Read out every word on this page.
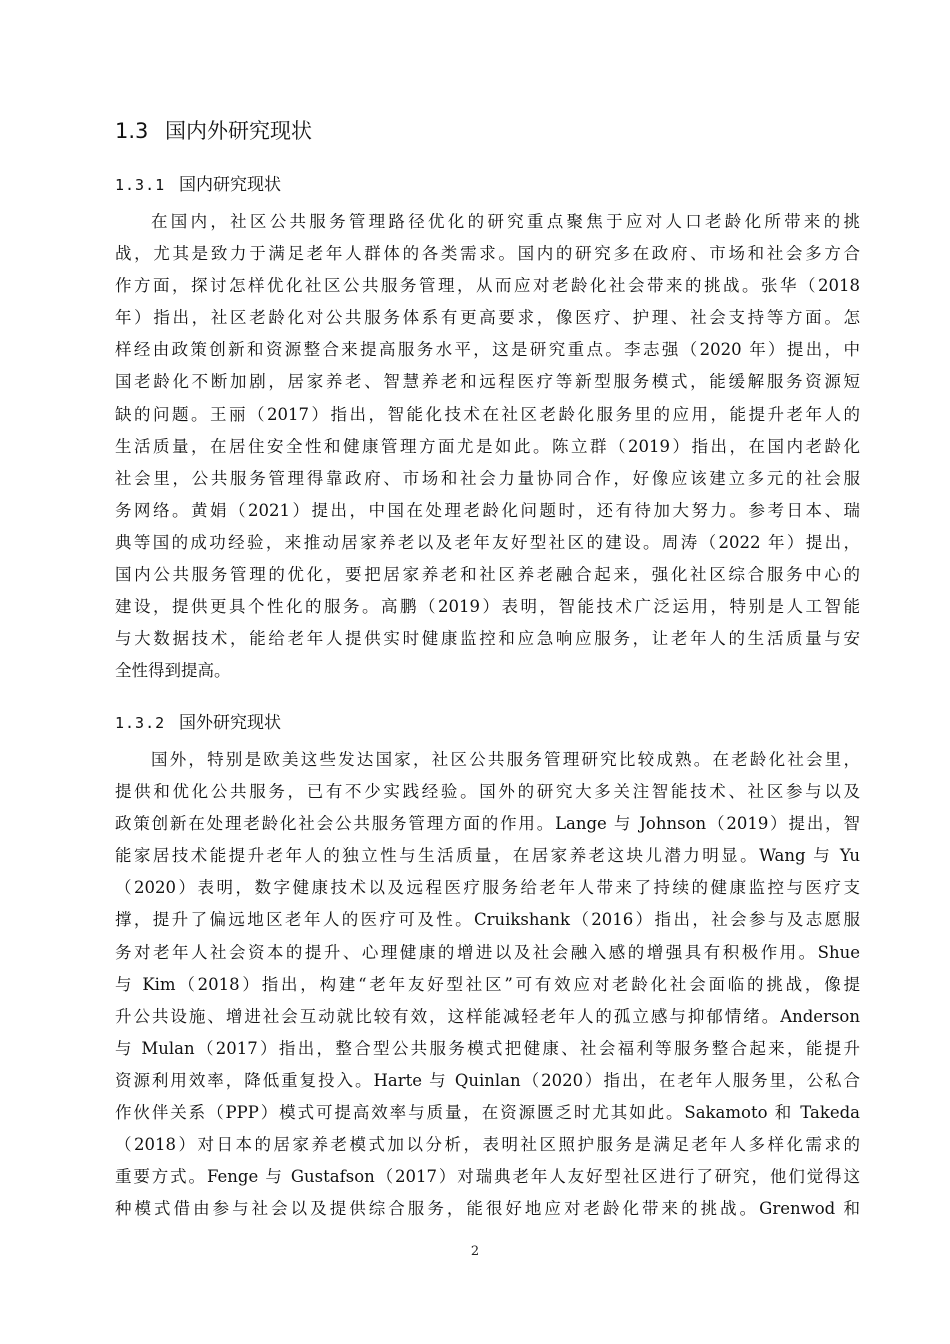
1.3 国内外研究现状
1.3.1 国内研究现状
在国内，社区公共服务管理路径优化的研究重点聚焦于应对人口老龄化所带来的挑
战，尤其是致力于满足老年人群体的各类需求。国内的研究多在政府、市场和社会多方合
作方面，探讨怎样优化社区公共服务管理，从而应对老龄化社会带来的挑战。张华（2018
年）指出，社区老龄化对公共服务体系有更高要求，像医疗、护理、社会支持等方面。怎
样经由政策创新和资源整合来提高服务水平，这是研究重点。李志强（2020 年）提出，中
国老龄化不断加剧，居家养老、智慧养老和远程医疗等新型服务模式，能缓解服务资源短
缺的问题。王丽（2017）指出，智能化技术在社区老龄化服务里的应用，能提升老年人的
生活质量，在居住安全性和健康管理方面尤是如此。陈立群（2019）指出，在国内老龄化
社会里，公共服务管理得靠政府、市场和社会力量协同合作，好像应该建立多元的社会服
务网络。黄娟（2021）提出，中国在处理老龄化问题时，还有待加大努力。参考日本、瑞
典等国的成功经验，来推动居家养老以及老年友好型社区的建设。周涛（2022 年）提出，
国内公共服务管理的优化，要把居家养老和社区养老融合起来，强化社区综合服务中心的
建设，提供更具个性化的服务。高鹏（2019）表明，智能技术广泛运用，特别是人工智能
与大数据技术，能给老年人提供实时健康监控和应急响应服务，让老年人的生活质量与安
全性得到提高。
1.3.2 国外研究现状
国外，特别是欧美这些发达国家，社区公共服务管理研究比较成熟。在老龄化社会里，
提供和优化公共服务，已有不少实践经验。国外的研究大多关注智能技术、社区参与以及
政策创新在处理老龄化社会公共服务管理方面的作用。Lange 与 Johnson（2019）提出，智
能家居技术能提升老年人的独立性与生活质量，在居家养老这块儿潜力明显。Wang 与 Yu
（2020）表明，数字健康技术以及远程医疗服务给老年人带来了持续的健康监控与医疗支
撑，提升了偏远地区老年人的医疗可及性。Cruikshank（2016）指出，社会参与及志愿服
务对老年人社会资本的提升、心理健康的增进以及社会融入感的增强具有积极作用。Shue
与 Kim（2018）指出，构建“老年友好型社区”可有效应对老龄化社会面临的挑战，像提
升公共设施、增进社会互动就比较有效，这样能减轻老年人的孤立感与抑郁情绪。Anderson
与 Mulan（2017）指出，整合型公共服务模式把健康、社会福利等服务整合起来，能提升
资源利用效率，降低重复投入。Harte 与 Quinlan（2020）指出，在老年人服务里，公私合
作伙伴关系（PPP）模式可提高效率与质量，在资源匮乏时尤其如此。Sakamoto 和 Takeda
（2018）对日本的居家养老模式加以分析，表明社区照护服务是满足老年人多样化需求的
重要方式。Fenge 与 Gustafson（2017）对瑞典老年人友好型社区进行了研究，他们觉得这
种模式借由参与社会以及提供综合服务，能很好地应对老龄化带来的挑战。Grenwod 和
2
